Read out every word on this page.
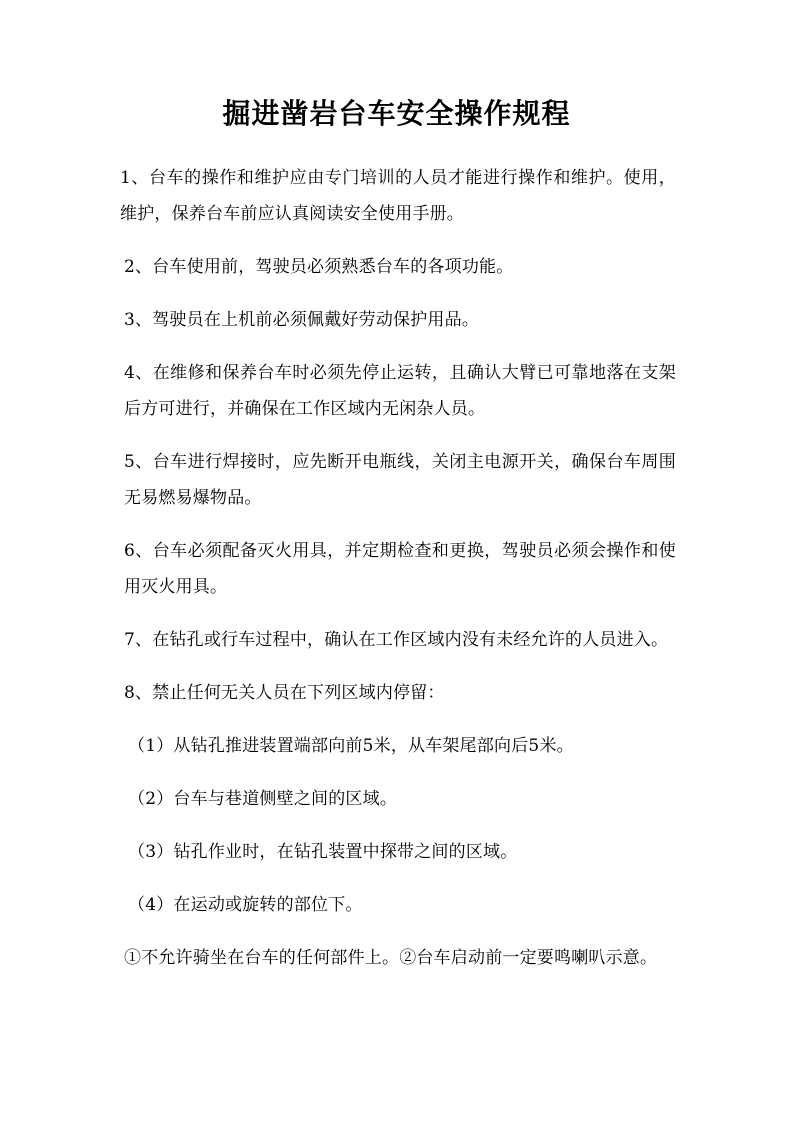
掘进凿岩台车安全操作规程

1、台车的操作和维护应由专门培训的人员才能进行操作和维护。使用，维护，保养台车前应认真阅读安全使用手册。

2、台车使用前，驾驶员必须熟悉台车的各项功能。

3、驾驶员在上机前必须佩戴好劳动保护用品。

4、在维修和保养台车时必须先停止运转，且确认大臂已可靠地落在支架后方可进行，并确保在工作区域内无闲杂人员。

5、台车进行焊接时，应先断开电瓶线，关闭主电源开关，确保台车周围无易燃易爆物品。

6、台车必须配备灭火用具，并定期检查和更换，驾驶员必须会操作和使用灭火用具。

7、在钻孔或行车过程中，确认在工作区域内没有未经允许的人员进入。

8、禁止任何无关人员在下列区域内停留：

（1）从钻孔推进装置端部向前5米，从车架尾部向后5米。

（2）台车与巷道侧壁之间的区域。

（3）钻孔作业时，在钻孔装置中探带之间的区域。

（4）在运动或旋转的部位下。

①不允许骑坐在台车的任何部件上。②台车启动前一定要鸣喇叭示意。
